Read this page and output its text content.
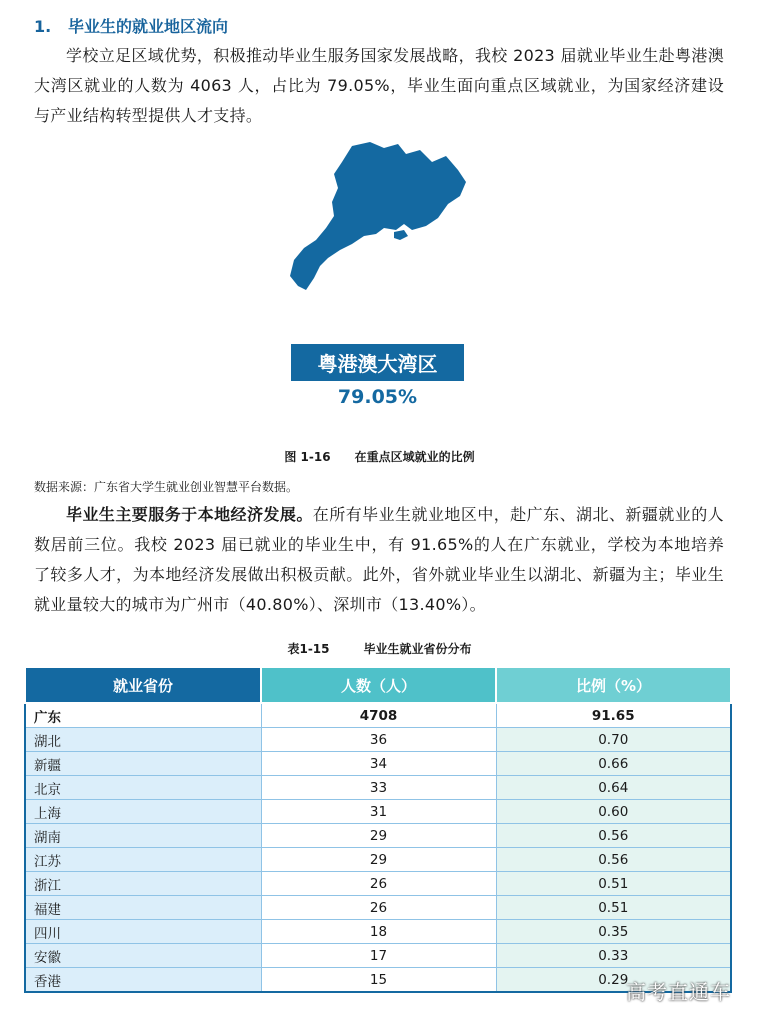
1. 毕业生的就业地区流向

学校立足区域优势，积极推动毕业生服务国家发展战略，我校 2023 届就业毕业生赴粤港澳大湾区就业的人数为 4063 人，占比为 79.05%，毕业生面向重点区域就业，为国家经济建设与产业结构转型提供人才支持。

粤港澳大湾区
79.05%
图 1-16 在重点区域就业的比例
数据来源：广东省大学生就业创业智慧平台数据。

毕业生主要服务于本地经济发展。在所有毕业生就业地区中，赴广东、湖北、新疆就业的人数居前三位。我校 2023 届已就业的毕业生中，有 91.65%的人在广东就业，学校为本地培养了较多人才，为本地经济发展做出积极贡献。此外，省外就业毕业生以湖北、新疆为主；毕业生就业量较大的城市为广州市（40.80%）、深圳市（13.40%）。

表1-15	毕业生就业省份分布
就业省份	人数（人）	比例（%）
广东	4708	91.65
湖北	36	0.70
新疆	34	0.66
北京	33	0.64
上海	31	0.60
湖南	29	0.56
江苏	29	0.56
浙江	26	0.51
福建	26	0.51
四川	18	0.35
安徽	17	0.33
香港	15	0.29
高考直通车
